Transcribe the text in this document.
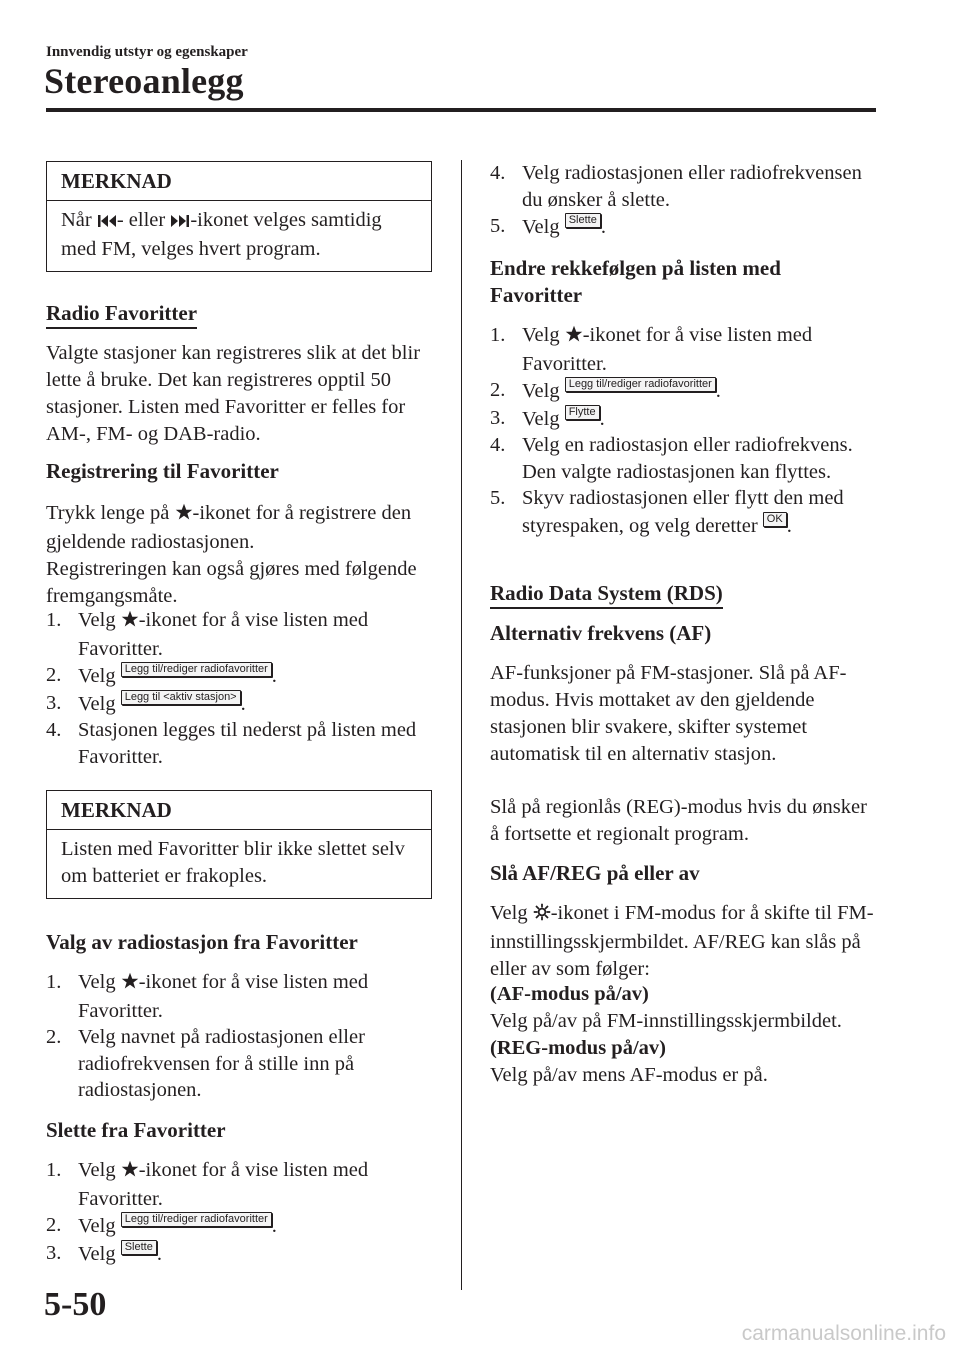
Innvendig utstyr og egenskaper
Stereoanlegg
MERKNAD
Når - eller -ikonet velges samtidig med FM, velges hvert program.
Radio Favoritter

Valgte stasjoner kan registreres slik at det blir lette å bruke. Det kan registreres opptil 50 stasjoner. Listen med Favoritter er felles for AM-, FM- og DAB-radio.

Registrering til Favoritter

Trykk lenge på -ikonet for å registrere den gjeldende radiostasjonen.
Registreringen kan også gjøres med følgende fremgangsmåte.
1. Velg -ikonet for å vise listen med Favoritter.
2. Velg Legg til/rediger radiofavoritter .
3. Velg Legg til <aktiv stasjon> .
4. Stasjonen legges til nederst på listen med Favoritter.
MERKNAD
Listen med Favoritter blir ikke slettet selv om batteriet er frakoples.

Valg av radiostasjon fra Favoritter

1. Velg -ikonet for å vise listen med Favoritter.
2. Velg navnet på radiostasjonen eller radiofrekvensen for å stille inn på radiostasjonen.

Slette fra Favoritter

1. Velg -ikonet for å vise listen med Favoritter.
2. Velg Legg til/rediger radiofavoritter .
3. Velg Slette .
4. Velg radiostasjonen eller radiofrekvensen du ønsker å slette.
5. Velg Slette .

Endre rekkefølgen på listen med Favoritter

1. Velg -ikonet for å vise listen med Favoritter.
2. Velg Legg til/rediger radiofavoritter .
3. Velg Flytte .
4. Velg en radiostasjon eller radiofrekvens. Den valgte radiostasjonen kan flyttes.
5. Skyv radiostasjonen eller flytt den med styrespaken, og velg deretter OK .
Radio Data System (RDS)

Alternativ frekvens (AF)

AF-funksjoner på FM-stasjoner. Slå på AF-modus. Hvis mottaket av den gjeldende stasjonen blir svakere, skifter systemet automatisk til en alternativ stasjon.

Slå på regionlås (REG)-modus hvis du ønsker å fortsette et regionalt program.

Slå AF/REG på eller av

Velg -ikonet i FM-modus for å skifte til FM-innstillingsskjermbildet. AF/REG kan slås på eller av som følger:

(AF-modus på/av)

Velg på/av på FM-innstillingsskjermbildet.

(REG-modus på/av)

Velg på/av mens AF-modus er på.

5-50
carmanualsonline.info
